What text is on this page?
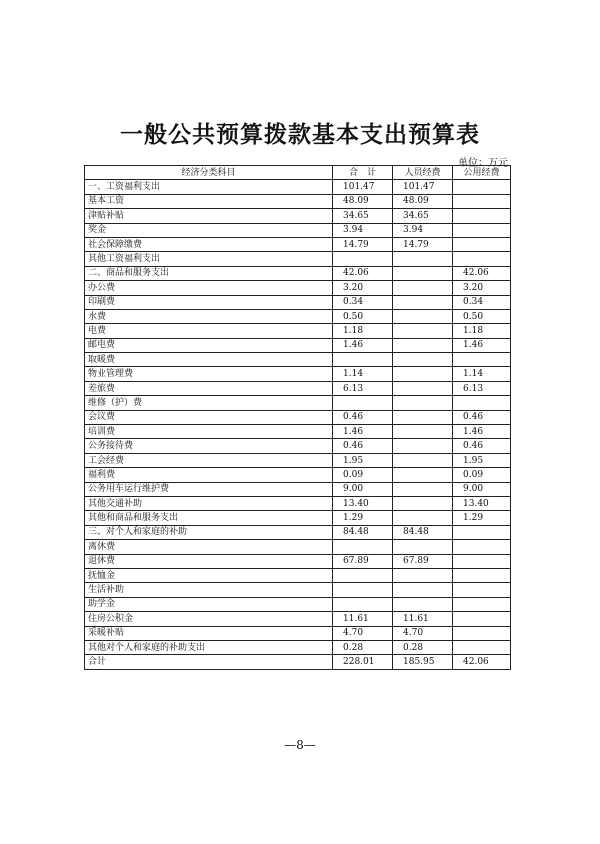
一般公共预算拨款基本支出预算表
单位：万元
经济分类科目	合　计	人员经费	公用经费
一、工资福利支出	101.47	101.47	
基本工资	48.09	48.09	
津贴补贴	34.65	34.65	
奖金	3.94	3.94	
社会保障缴费	14.79	14.79	
其他工资福利支出			
二、商品和服务支出	42.06		42.06
办公费	3.20		3.20
印刷费	0.34		0.34
水费	0.50		0.50
电费	1.18		1.18
邮电费	1.46		1.46
取暖费			
物业管理费	1.14		1.14
差旅费	6.13		6.13
维修（护）费			
会议费	0.46		0.46
培训费	1.46		1.46
公务接待费	0.46		0.46
工会经费	1.95		1.95
福利费	0.09		0.09
公务用车运行维护费	9.00		9.00
其他交通补助	13.40		13.40
其他和商品和服务支出	1.29		1.29
三、对个人和家庭的补助	84.48	84.48	
离休费			
退休费	67.89	67.89	
抚恤金			
生活补助			
助学金			
住房公积金	11.61	11.61	
采暖补贴	4.70	4.70	
其他对个人和家庭的补助支出	0.28	0.28	
合计	228.01	185.95	42.06
—8—
